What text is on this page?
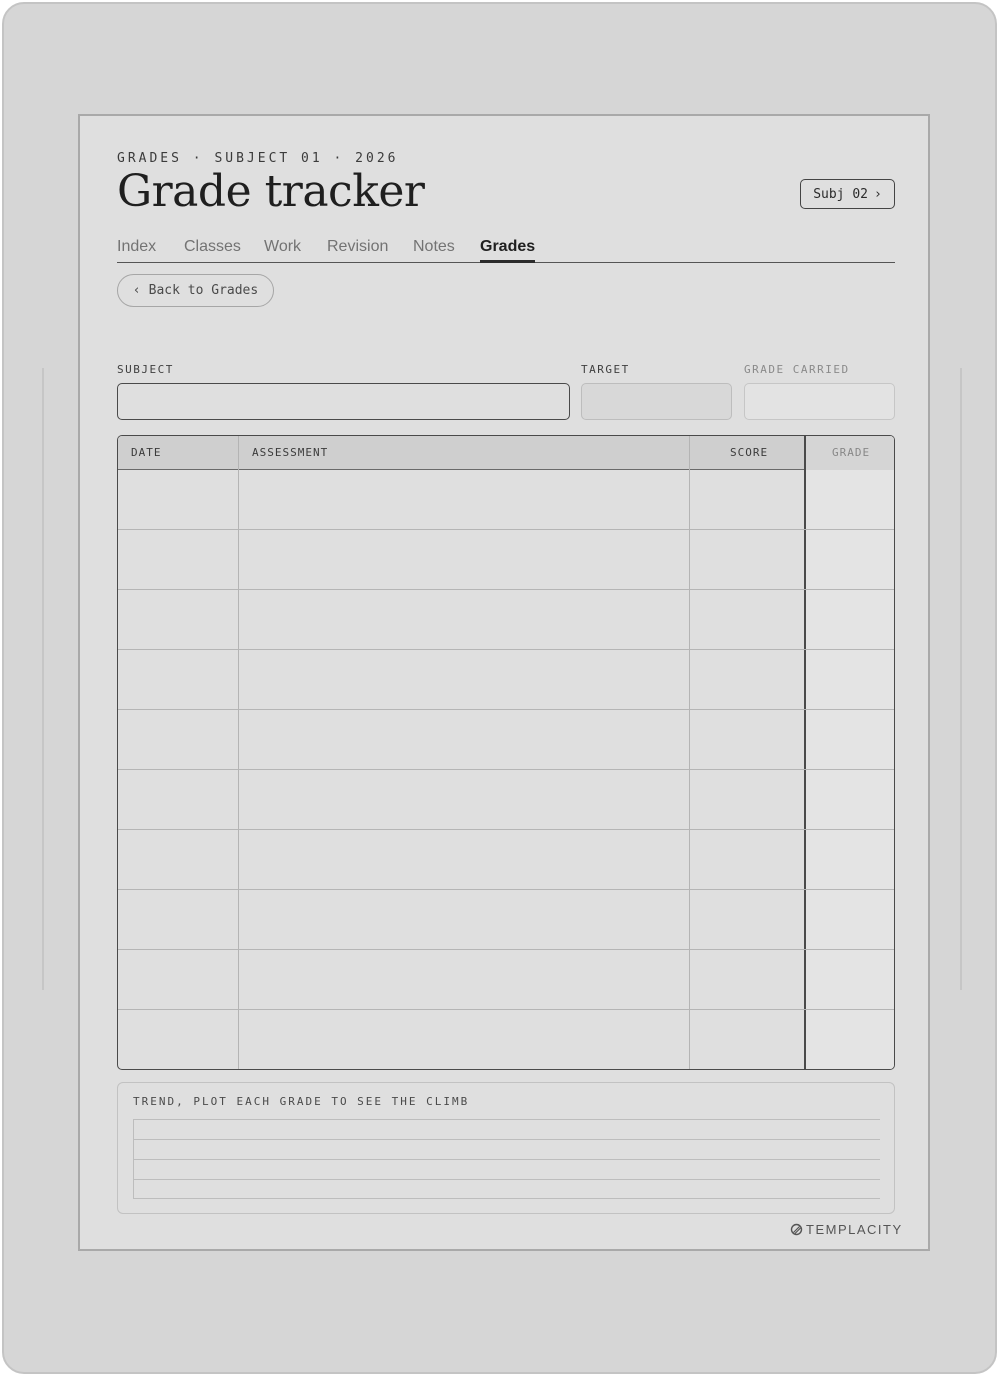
GRADES · SUBJECT 01 · 2026
Grade tracker	Subj 02 ›
Index Classes Work Revision Notes Grades
‹ Back to Grades
SUBJECT	TARGET	GRADE CARRIED
DATE	ASSESSMENT	SCORE	GRADE
TREND, PLOT EACH GRADE TO SEE THE CLIMB
TEMPLACITY
